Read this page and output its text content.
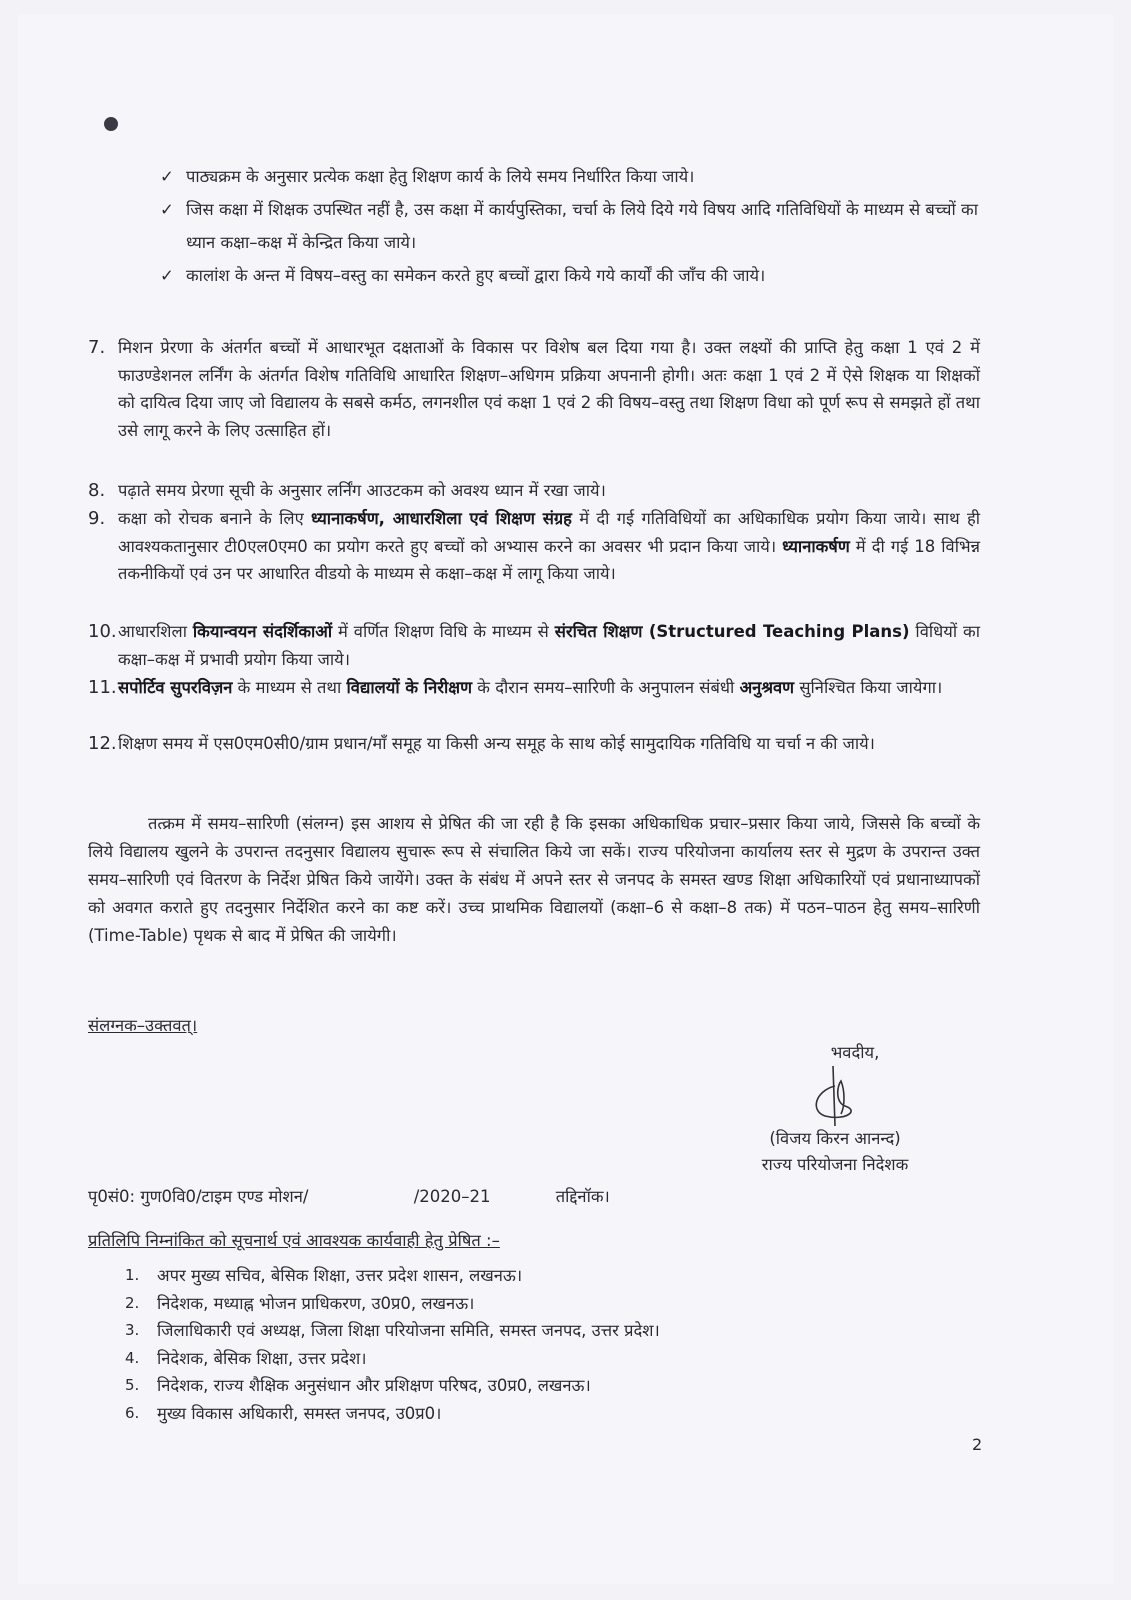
✓ पाठ्यक्रम के अनुसार प्रत्येक कक्षा हेतु शिक्षण कार्य के लिये समय निर्धारित किया जाये।
✓ जिस कक्षा में शिक्षक उपस्थित नहीं है, उस कक्षा में कार्यपुस्तिका, चर्चा के लिये दिये गये विषय आदि गतिविधियों के माध्यम से बच्चों का ध्यान कक्षा–कक्ष में केन्द्रित किया जाये।
✓ कालांश के अन्त में विषय–वस्तु का समेकन करते हुए बच्चों द्वारा किये गये कार्यों की जाँच की जाये।
7. मिशन प्रेरणा के अंतर्गत बच्चों में आधारभूत दक्षताओं के विकास पर विशेष बल दिया गया है। उक्त लक्ष्यों की प्राप्ति हेतु कक्षा 1 एवं 2 में फाउण्डेशनल लर्निंग के अंतर्गत विशेष गतिविधि आधारित शिक्षण–अधिगम प्रक्रिया अपनानी होगी। अतः कक्षा 1 एवं 2 में ऐसे शिक्षक या शिक्षकों को दायित्व दिया जाए जो विद्यालय के सबसे कर्मठ, लगनशील एवं कक्षा 1 एवं 2 की विषय–वस्तु तथा शिक्षण विधा को पूर्ण रूप से समझते हों तथा उसे लागू करने के लिए उत्साहित हों।
8. पढ़ाते समय प्रेरणा सूची के अनुसार लर्निंग आउटकम को अवश्य ध्यान में रखा जाये।
9. कक्षा को रोचक बनाने के लिए ध्यानाकर्षण, आधारशिला एवं शिक्षण संग्रह में दी गई गतिविधियों का अधिकाधिक प्रयोग किया जाये। साथ ही आवश्यकतानुसार टी0एल0एम0 का प्रयोग करते हुए बच्चों को अभ्यास करने का अवसर भी प्रदान किया जाये। ध्यानाकर्षण में दी गई 18 विभिन्न तकनीकियों एवं उन पर आधारित वीडयो के माध्यम से कक्षा–कक्ष में लागू किया जाये।
10. आधारशिला कियान्वयन संदर्शिकाओं में वर्णित शिक्षण विधि के माध्यम से संरचित शिक्षण (Structured Teaching Plans) विधियों का कक्षा–कक्ष में प्रभावी प्रयोग किया जाये।
11. सपोर्टिव सुपरविज़न के माध्यम से तथा विद्यालयों के निरीक्षण के दौरान समय–सारिणी के अनुपालन संबंधी अनुश्रवण सुनिश्चित किया जायेगा।
12. शिक्षण समय में एस0एम0सी0/ग्राम प्रधान/माँ समूह या किसी अन्य समूह के साथ कोई सामुदायिक गतिविधि या चर्चा न की जाये।
तत्क्रम में समय–सारिणी (संलग्न) इस आशय से प्रेषित की जा रही है कि इसका अधिकाधिक प्रचार–प्रसार किया जाये, जिससे कि बच्चों के लिये विद्यालय खुलने के उपरान्त तदनुसार विद्यालय सुचारू रूप से संचालित किये जा सकें। राज्य परियोजना कार्यालय स्तर से मुद्रण के उपरान्त उक्त समय–सारिणी एवं वितरण के निर्देश प्रेषित किये जायेंगे। उक्त के संबंध में अपने स्तर से जनपद के समस्त खण्ड शिक्षा अधिकारियों एवं प्रधानाध्यापकों को अवगत कराते हुए तदनुसार निर्देशित करने का कष्ट करें। उच्च प्राथमिक विद्यालयों (कक्षा–6 से कक्षा–8 तक) में पठन–पाठन हेतु समय–सारिणी (Time-Table) पृथक से बाद में प्रेषित की जायेगी।
संलग्नक–उक्तवत्।
भवदीय,
(विजय किरन आनन्द)
राज्य परियोजना निदेशक
पृ0सं0: गुण0वि0/टाइम एण्ड मोशन/	/2020–21	तद्दिनॉक।
प्रतिलिपि निम्नांकित को सूचनार्थ एवं आवश्यक कार्यवाही हेतु प्रेषित :–
1.	अपर मुख्य सचिव, बेसिक शिक्षा, उत्तर प्रदेश शासन, लखनऊ।
2.	निदेशक, मध्याह्न भोजन प्राधिकरण, उ0प्र0, लखनऊ।
3.	जिलाधिकारी एवं अध्यक्ष, जिला शिक्षा परियोजना समिति, समस्त जनपद, उत्तर प्रदेश।
4.	निदेशक, बेसिक शिक्षा, उत्तर प्रदेश।
5.	निदेशक, राज्य शैक्षिक अनुसंधान और प्रशिक्षण परिषद, उ0प्र0, लखनऊ।
6.	मुख्य विकास अधिकारी, समस्त जनपद, उ0प्र0।
2
